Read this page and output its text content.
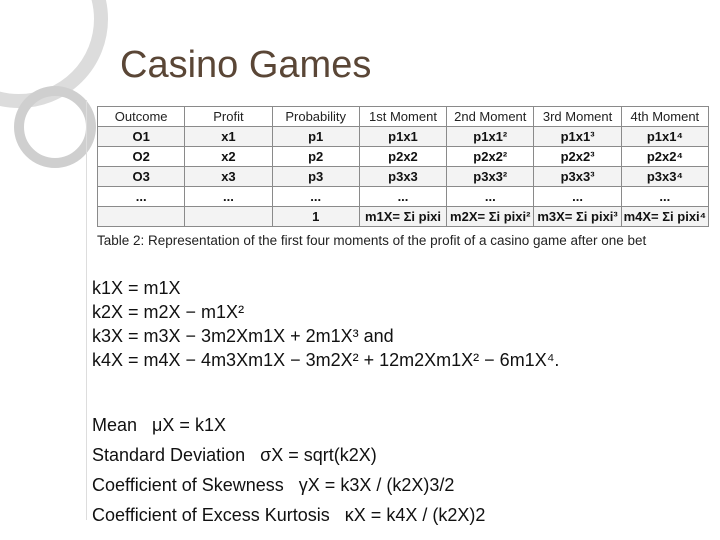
Casino Games
Outcome	Profit	Probability	1st Moment	2nd Moment	3rd Moment	4th Moment
O1	x1	p1	p1x1	p1x1²	p1x1³	p1x1⁴
O2	x2	p2	p2x2	p2x2²	p2x2³	p2x2⁴
O3	x3	p3	p3x3	p3x3²	p3x3³	p3x3⁴
...	...	...	...	...	...	...
		1	m1X= Σi pixi	m2X= Σi pixi²	m3X= Σi pixi³	m4X= Σi pixi⁴
Table 2: Representation of the first four moments of the profit of a casino game after one bet
k1X = m1X
k2X = m2X − m1X²
k3X = m3X − 3m2Xm1X + 2m1X³ and
k4X = m4X − 4m3Xm1X − 3m2X² + 12m2Xm1X² − 6m1X⁴.
Mean μX = k1X
Standard Deviation σX = sqrt(k2X)
Coefficient of Skewness γX = k3X / (k2X)3/2
Coefficient of Excess Kurtosis κX = k4X / (k2X)2
